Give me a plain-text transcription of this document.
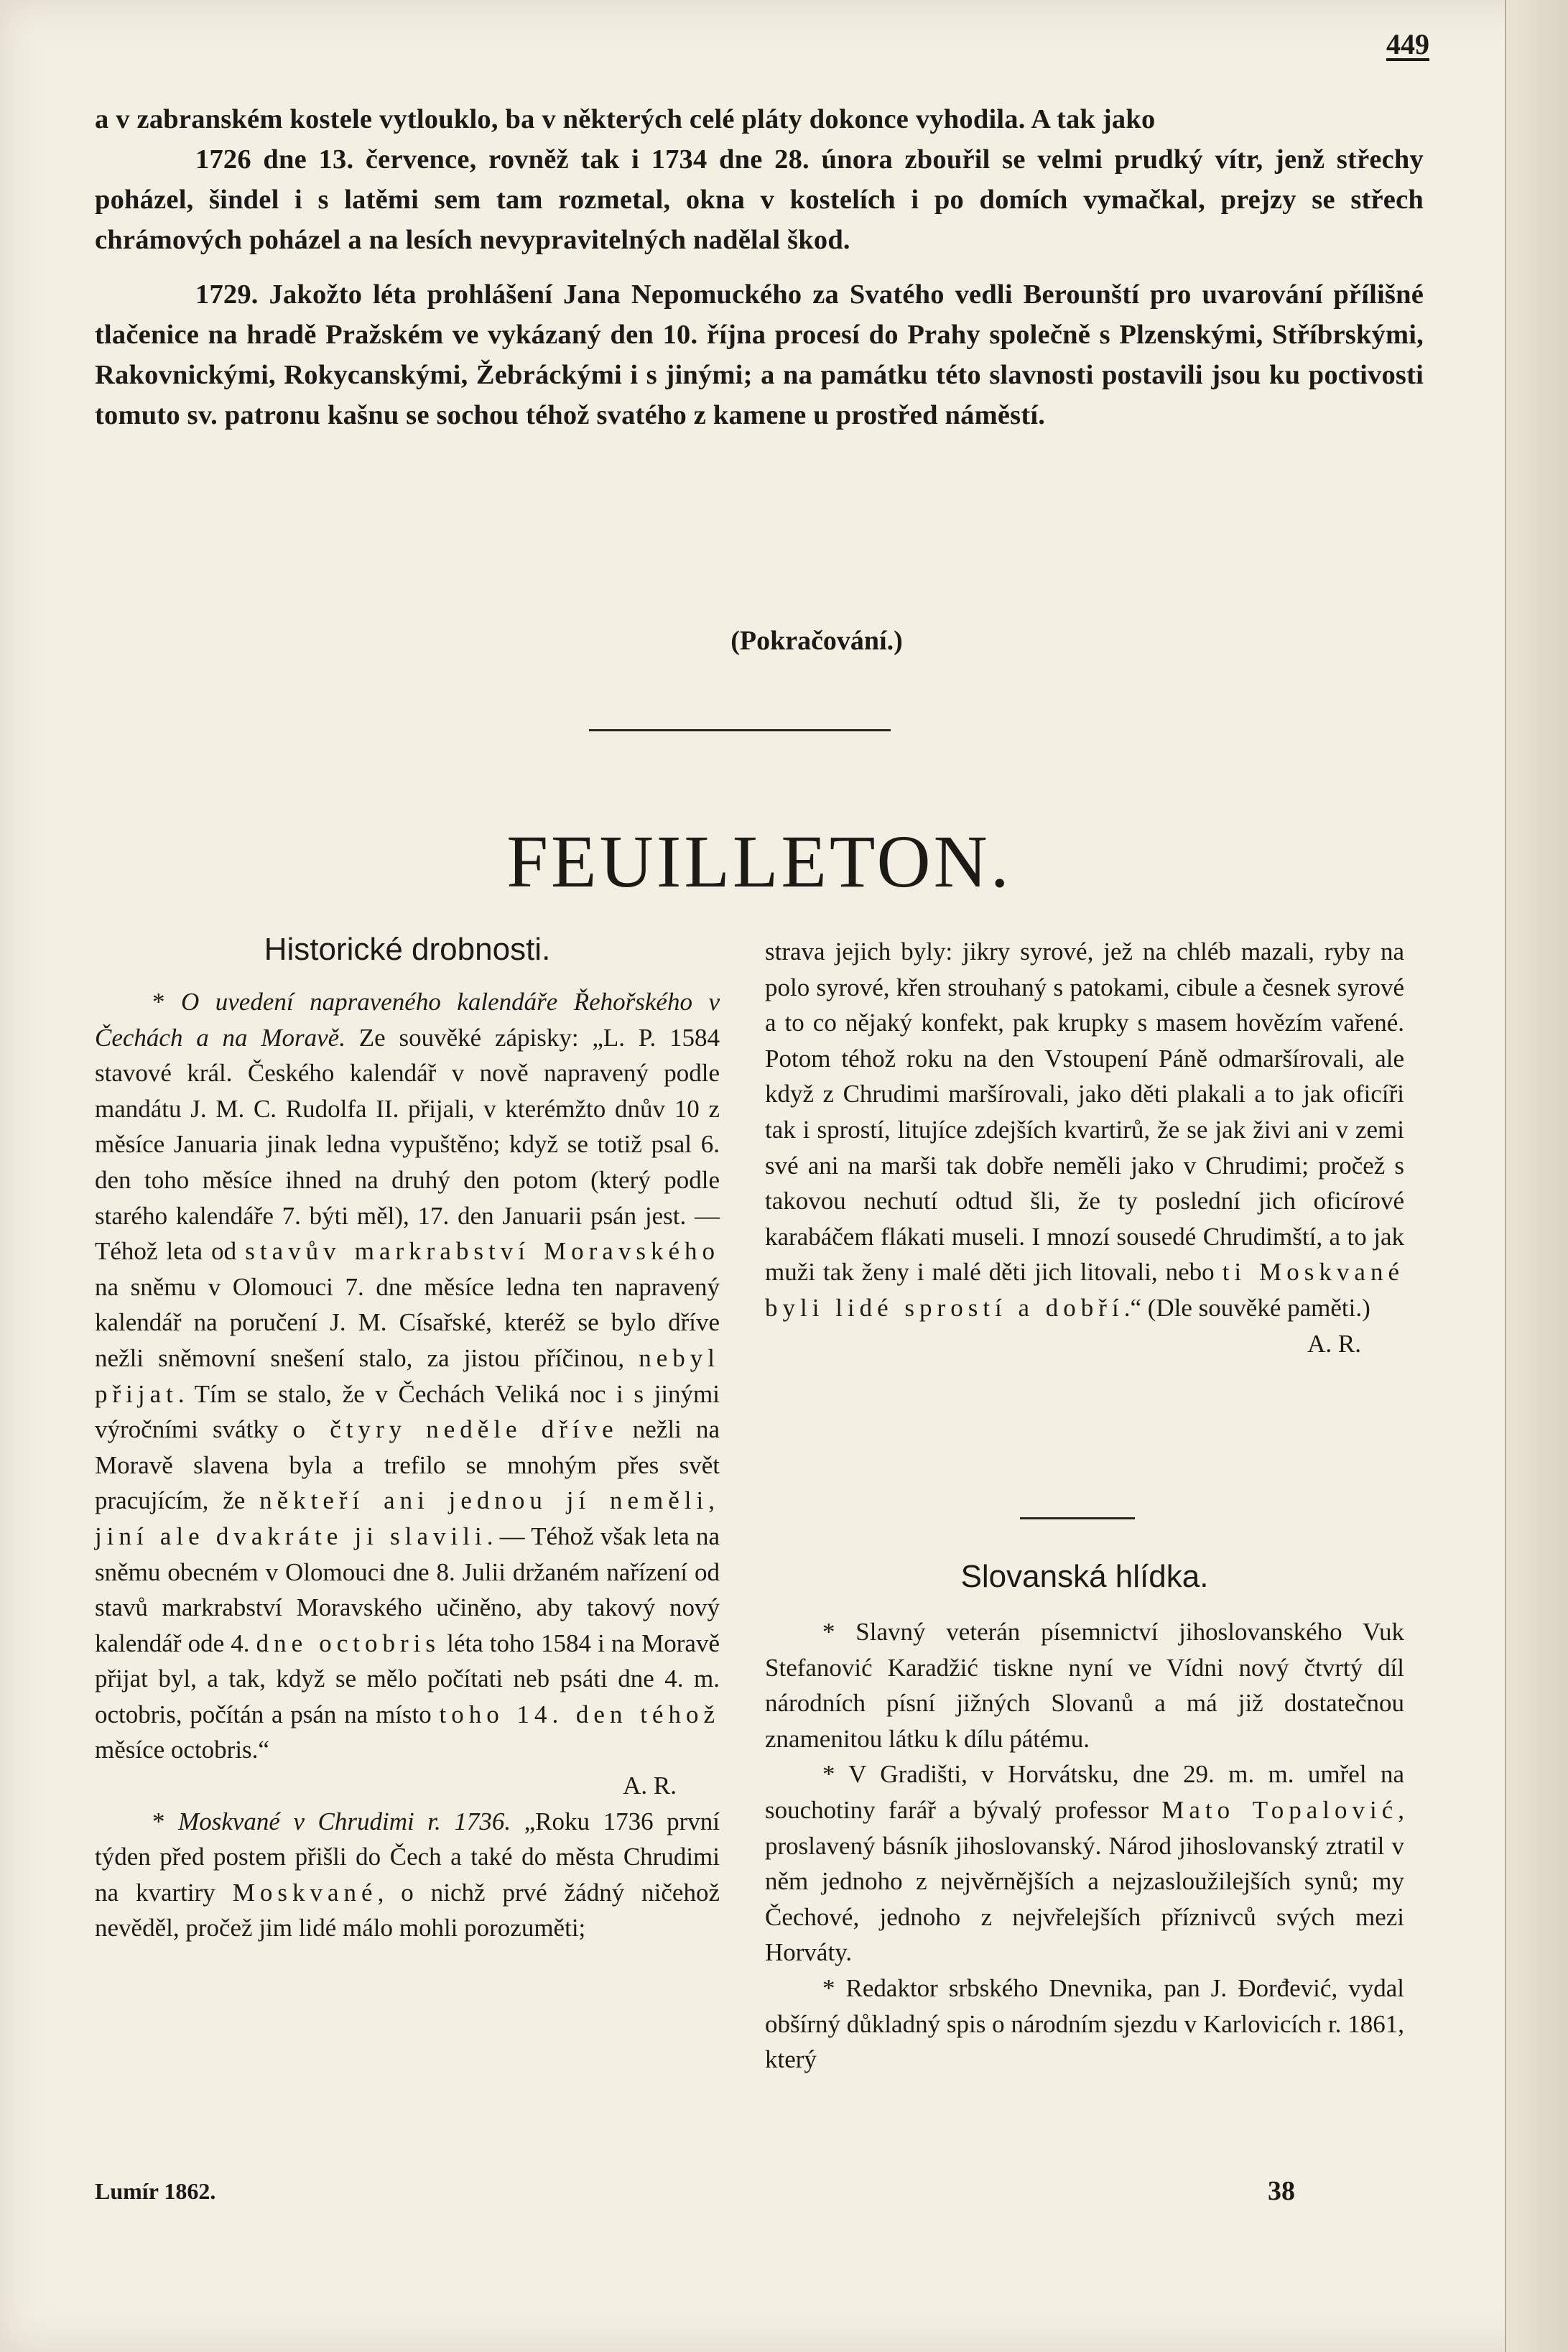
449

a v zabranském kostele vytlouklo, ba v některých celé pláty dokonce vyhodila. A tak jako

1726 dne 13. července, rovněž tak i 1734 dne 28. února zbouřil se velmi prudký vítr, jenž střechy poházel, šindel i s latěmi sem tam rozmetal, okna v kostelích i po domích vymačkal, prejzy se střech chrámových poházel a na lesích nevypravitelných nadělal škod.

1729. Jakožto léta prohlášení Jana Nepomuckého za Svatého vedli Berounští pro uvarování přílišné tlačenice na hradě Pražském ve vykázaný den 10. října procesí do Prahy společně s Plzenskými, Stříbrskými, Rakovnickými, Rokycanskými, Žebráckými i s jinými; a na památku této slavnosti postavili jsou ku poctivosti tomuto sv. patronu kašnu se sochou téhož svatého z kamene u prostřed náměstí.

(Pokračování.)
FEUILLETON.

Historické drobnosti.

* O uvedení napraveného kalendáře Řehořského v Čechách a na Moravě. Ze souvěké zápisky: „L. P. 1584 stavové král. Českého kalendář v nově napravený podle mandátu J. M. C. Rudolfa II. přijali, v kterémžto dnův 10 z měsíce Januaria jinak ledna vypuštěno; když se totiž psal 6. den toho měsíce ihned na druhý den potom (který podle starého kalendáře 7. býti měl), 17. den Januarii psán jest. — Téhož leta od stavův markrabství Moravského na sněmu v Olomouci 7. dne měsíce ledna ten napravený kalendář na poručení J. M. Císařské, kteréž se bylo dříve nežli sněmovní snešení stalo, za jistou příčinou, nebyl přijat. Tím se stalo, že v Čechách Veliká noc i s jinými výročními svátky o čtyry neděle dříve nežli na Moravě slavena byla a trefilo se mnohým přes svět pracujícím, že někteří ani jednou jí neměli, jiní ale dvakráte ji slavili. — Téhož však leta na sněmu obecném v Olomouci dne 8. Julii držaném nařízení od stavů markrabství Moravského učiněno, aby takový nový kalendář ode 4. dne octobris léta toho 1584 i na Moravě přijat byl, a tak, když se mělo počítati neb psáti dne 4. m. octobris, počítán a psán na místo toho 14. den téhož měsíce octobris.“

A. R.

* Moskvané v Chrudimi r. 1736. „Roku 1736 první týden před postem přišli do Čech a také do města Chrudimi na kvartiry Moskvané, o nichž prvé žádný ničehož nevěděl, pročež jim lidé málo mohli porozuměti;

strava jejich byly: jikry syrové, jež na chléb mazali, ryby na polo syrové, křen strouhaný s patokami, cibule a česnek syrové a to co nějaký konfekt, pak krupky s masem hovězím vařené. Potom téhož roku na den Vstoupení Páně odmaršírovali, ale když z Chrudimi maršírovali, jako děti plakali a to jak oficíři tak i sprostí, litujíce zdejších kvartirů, že se jak živi ani v zemi své ani na marši tak dobře neměli jako v Chrudimi; pročež s takovou nechutí odtud šli, že ty poslední jich oficírové karabáčem flákati museli. I mnozí sousedé Chrudimští, a to jak muži tak ženy i malé děti jich litovali, nebo ti Moskvané byli lidé sprostí a dobří.“ (Dle souvěké paměti.)

A. R.

Slovanská hlídka.

* Slavný veterán písemnictví jihoslovanského Vuk Stefanović Karadžić tiskne nyní ve Vídni nový čtvrtý díl národních písní jižných Slovanů a má již dostatečnou znamenitou látku k dílu pátému.

* V Gradišti, v Horvátsku, dne 29. m. m. umřel na souchotiny farář a bývalý professor Mato Topalović, proslavený básník jihoslovanský. Národ jihoslovanský ztratil v něm jednoho z nejvěrnějších a nejzasloužilejších synů; my Čechové, jednoho z nejvřelejších příznivců svých mezi Horváty.

* Redaktor srbského Dnevnika, pan J. Đorđević, vydal obšírný důkladný spis o národním sjezdu v Karlovicích r. 1861, který

Lumír 1862.	38
